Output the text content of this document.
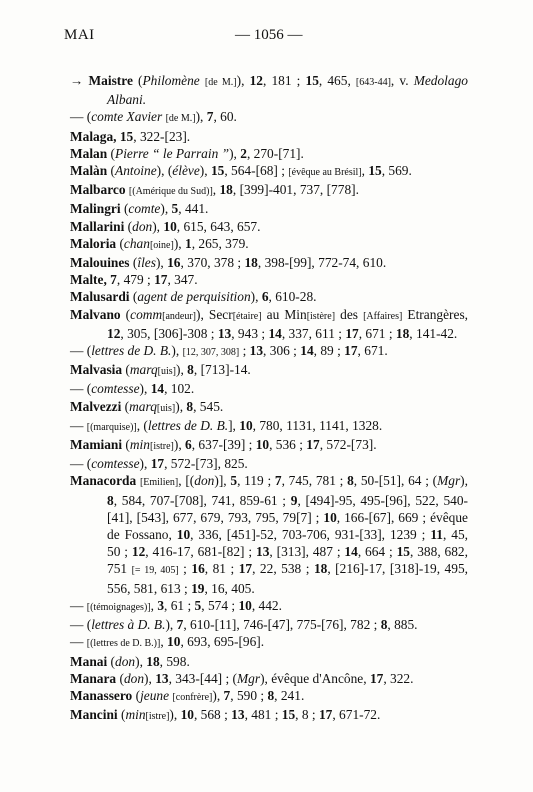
MAI	— 1056 —
→ Maistre (Philomène [de M.]), 12, 181 ; 15, 465, [643-44], v. Medolago Albani.
— (comte Xavier [de M.]), 7, 60.
Malaga, 15, 322-[23].
Malan (Pierre “ le Parrain ”), 2, 270-[71].
Malàn (Antoine), (élève), 15, 564-[68] ; [évêque au Brésil], 15, 569.
Malbarco [(Amérique du Sud)], 18, [399]-401, 737, [778].
Malingri (comte), 5, 441.
Mallarini (don), 10, 615, 643, 657.
Maloria (chan[oine]), 1, 265, 379.
Malouines (îles), 16, 370, 378 ; 18, 398-[99], 772-74, 610.
Malte, 7, 479 ; 17, 347.
Malusardi (agent de perquisition), 6, 610-28.
Malvano (comm[andeur]), Secr[étaire] au Min[istère] des [Affaires] Etrangères, 12, 305, [306]-308 ; 13, 943 ; 14, 337, 611 ; 17, 671 ; 18, 141-42.
— (lettres de D. B.), [12, 307, 308] ; 13, 306 ; 14, 89 ; 17, 671.
Malvasia (marq[uis]), 8, [713]-14.
— (comtesse), 14, 102.
Malvezzi (marq[uis]), 8, 545.
— [(marquise)], (lettres de D. B.], 10, 780, 1131, 1141, 1328.
Mamiani (min[istre]), 6, 637-[39] ; 10, 536 ; 17, 572-[73].
— (comtesse), 17, 572-[73], 825.
Manacorda [Emilien], [(don)], 5, 119 ; 7, 745, 781 ; 8, 50-[51], 64 ; (Mgr), 8, 584, 707-[708], 741, 859-61 ; 9, [494]-95, 495-[96], 522, 540-[41], [543], 677, 679, 793, 795, 79[7] ; 10, 166-[67], 669 ; évêque de Fossano, 10, 336, [451]-52, 703-706, 931-[33], 1239 ; 11, 45, 50 ; 12, 416-17, 681-[82] ; 13, [313], 487 ; 14, 664 ; 15, 388, 682, 751 [= 19, 405] ; 16, 81 ; 17, 22, 538 ; 18, [216]-17, [318]-19, 495, 556, 581, 613 ; 19, 16, 405.
— [(témoignages)], 3, 61 ; 5, 574 ; 10, 442.
— (lettres à D. B.), 7, 610-[11], 746-[47], 775-[76], 782 ; 8, 885.
— [(lettres de D. B.)], 10, 693, 695-[96].
Manai (don), 18, 598.
Manara (don), 13, 343-[44] ; (Mgr), évêque d'Ancône, 17, 322.
Manassero (jeune [confrère]), 7, 590 ; 8, 241.
Mancini (min[istre]), 10, 568 ; 13, 481 ; 15, 8 ; 17, 671-72.
